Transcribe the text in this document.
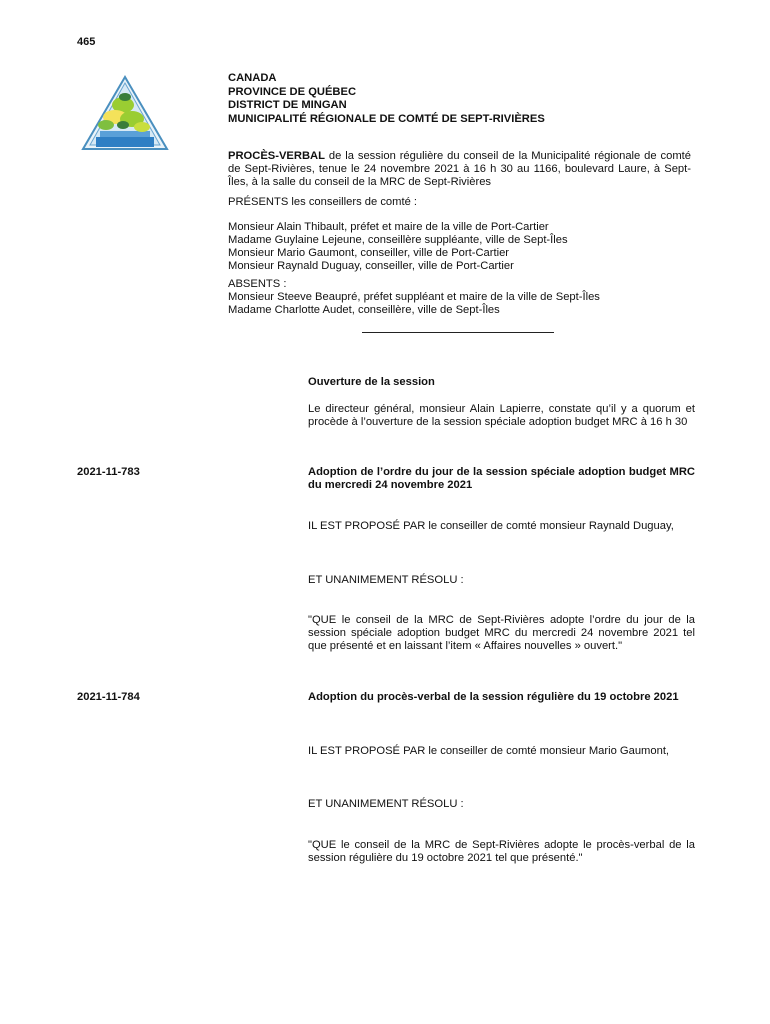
465
CANADA
PROVINCE DE QUÉBEC
DISTRICT DE MINGAN
MUNICIPALITÉ RÉGIONALE DE COMTÉ DE SEPT-RIVIÈRES
PROCÈS-VERBAL de la session régulière du conseil de la Municipalité régionale de comté de Sept-Rivières, tenue le 24 novembre 2021 à 16 h 30 au 1166, boulevard Laure, à Sept-Îles, à la salle du conseil de la MRC de Sept-Rivières
PRÉSENTS les conseillers de comté :
Monsieur Alain Thibault, préfet et maire de la ville de Port-Cartier
Madame Guylaine Lejeune, conseillère suppléante, ville de Sept-Îles
Monsieur Mario Gaumont, conseiller, ville de Port-Cartier
Monsieur Raynald Duguay, conseiller, ville de Port-Cartier
ABSENTS :
Monsieur Steeve Beaupré, préfet suppléant et maire de la ville de Sept-Îles
Madame Charlotte Audet, conseillère, ville de Sept-Îles
Ouverture de la session
Le directeur général, monsieur Alain Lapierre, constate qu’il y a quorum et procède à l’ouverture de la session spéciale adoption budget MRC à 16 h 30
2021-11-783	Adoption de l’ordre du jour de la session spéciale adoption budget MRC du mercredi 24 novembre 2021
IL EST PROPOSÉ PAR le conseiller de comté monsieur Raynald Duguay,
ET UNANIMEMENT RÉSOLU :
"QUE le conseil de la MRC de Sept-Rivières adopte l’ordre du jour de la session spéciale adoption budget MRC du mercredi 24 novembre 2021 tel que présenté et en laissant l’item « Affaires nouvelles » ouvert."
2021-11-784	Adoption du procès-verbal de la session régulière du 19 octobre 2021
IL EST PROPOSÉ PAR le conseiller de comté monsieur Mario Gaumont,
ET UNANIMEMENT RÉSOLU :
"QUE le conseil de la MRC de Sept-Rivières adopte le procès-verbal de la session régulière du 19 octobre 2021 tel que présenté."
